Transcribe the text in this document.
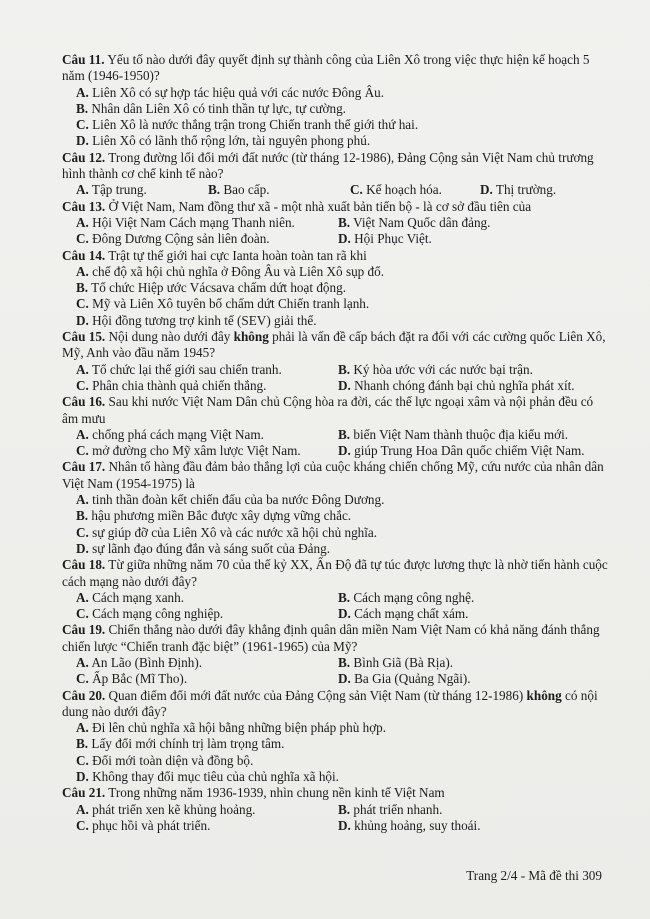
Câu 11. Yếu tố nào dưới đây quyết định sự thành công của Liên Xô trong việc thực hiện kế hoạch 5 năm (1946-1950)?

A. Liên Xô có sự hợp tác hiệu quả với các nước Đông Âu.
B. Nhân dân Liên Xô có tinh thần tự lực, tự cường.
C. Liên Xô là nước thắng trận trong Chiến tranh thế giới thứ hai.
D. Liên Xô có lãnh thổ rộng lớn, tài nguyên phong phú.

Câu 12. Trong đường lối đổi mới đất nước (từ tháng 12-1986), Đảng Cộng sản Việt Nam chủ trương hình thành cơ chế kinh tế nào?

A. Tập trung.	B. Bao cấp.	C. Kế hoạch hóa.	D. Thị trường.

Câu 13. Ở Việt Nam, Nam đồng thư xã - một nhà xuất bản tiến bộ - là cơ sở đầu tiên của

A. Hội Việt Nam Cách mạng Thanh niên.	B. Việt Nam Quốc dân đảng.
C. Đông Dương Cộng sản liên đoàn.	D. Hội Phục Việt.

Câu 14. Trật tự thế giới hai cực Ianta hoàn toàn tan rã khi

A. chế độ xã hội chủ nghĩa ở Đông Âu và Liên Xô sụp đổ.
B. Tổ chức Hiệp ước Vácsava chấm dứt hoạt động.
C. Mỹ và Liên Xô tuyên bố chấm dứt Chiến tranh lạnh.
D. Hội đồng tương trợ kinh tế (SEV) giải thể.

Câu 15. Nội dung nào dưới đây không phải là vấn đề cấp bách đặt ra đối với các cường quốc Liên Xô, Mỹ, Anh vào đầu năm 1945?

A. Tổ chức lại thế giới sau chiến tranh.	B. Ký hòa ước với các nước bại trận.
C. Phân chia thành quả chiến thắng.	D. Nhanh chóng đánh bại chủ nghĩa phát xít.

Câu 16. Sau khi nước Việt Nam Dân chủ Cộng hòa ra đời, các thế lực ngoại xâm và nội phản đều có âm mưu

A. chống phá cách mạng Việt Nam.	B. biến Việt Nam thành thuộc địa kiểu mới.
C. mở đường cho Mỹ xâm lược Việt Nam.	D. giúp Trung Hoa Dân quốc chiếm Việt Nam.

Câu 17. Nhân tố hàng đầu đảm bảo thắng lợi của cuộc kháng chiến chống Mỹ, cứu nước của nhân dân Việt Nam (1954-1975) là

A. tinh thần đoàn kết chiến đấu của ba nước Đông Dương.
B. hậu phương miền Bắc được xây dựng vững chắc.
C. sự giúp đỡ của Liên Xô và các nước xã hội chủ nghĩa.
D. sự lãnh đạo đúng đắn và sáng suốt của Đảng.

Câu 18. Từ giữa những năm 70 của thế kỷ XX, Ấn Độ đã tự túc được lương thực là nhờ tiến hành cuộc cách mạng nào dưới đây?

A. Cách mạng xanh.	B. Cách mạng công nghệ.
C. Cách mạng công nghiệp.	D. Cách mạng chất xám.

Câu 19. Chiến thắng nào dưới đây khẳng định quân dân miền Nam Việt Nam có khả năng đánh thắng chiến lược “Chiến tranh đặc biệt” (1961-1965) của Mỹ?

A. An Lão (Bình Định).	B. Bình Giã (Bà Rịa).
C. Ấp Bắc (Mĩ Tho).	D. Ba Gia (Quảng Ngãi).

Câu 20. Quan điểm đổi mới đất nước của Đảng Cộng sản Việt Nam (từ tháng 12-1986) không có nội dung nào dưới đây?

A. Đi lên chủ nghĩa xã hội bằng những biện pháp phù hợp.
B. Lấy đổi mới chính trị làm trọng tâm.
C. Đổi mới toàn diện và đồng bộ.
D. Không thay đổi mục tiêu của chủ nghĩa xã hội.

Câu 21. Trong những năm 1936-1939, nhìn chung nền kinh tế Việt Nam

A. phát triển xen kẽ khủng hoảng.	B. phát triển nhanh.
C. phục hồi và phát triển.	D. khủng hoảng, suy thoái.
Trang 2/4 - Mã đề thi 309
